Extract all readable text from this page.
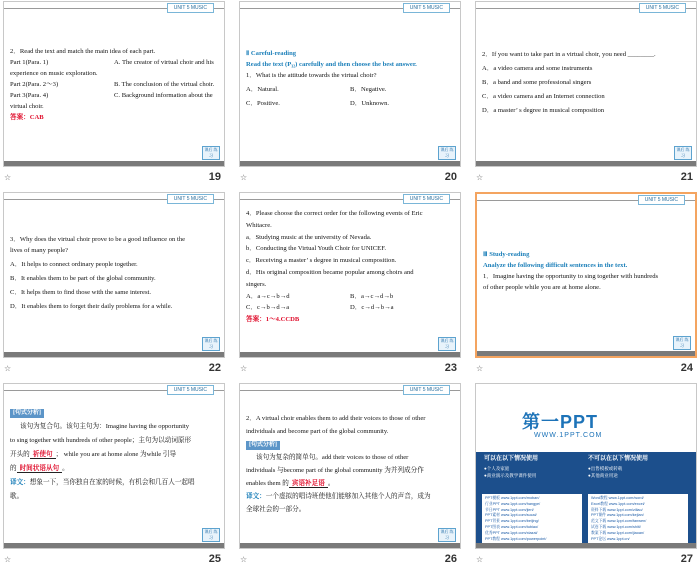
UNIT 5 MUSIC
2．Read the text and match the main idea of each part.
Part 1(Para. 1)	A. The creator of virtual choir and his
experience on music exploration.
Part 2(Para. 2～3)	B. The conclusion of the virtual choir.
Part 3(Para. 4)	C. Background information about the
virtual choir.
答案：CAB
课后 练习
☆	19
UNIT 5 MUSIC
Ⅱ Careful-reading
Read the text (P₃₂) carefully and then choose the best answer.
1．What is the attitude towards the virtual choir?
A．Natural.	B．Negative.
C．Positive.	D．Unknown.
课后 练习
☆	20
UNIT 5 MUSIC
2．If you want to take part in a virtual choir, you need ________.
A．a video camera and some instruments
B．a band and some professional singers
C．a video camera and an Internet connection
D．a master’ s degree in musical composition
课后 练习
☆	21
UNIT 5 MUSIC
3．Why does the virtual choir prove to be a good influence on the
lives of many people?
A．It helps to connect ordinary people together.
B．It enables them to be part of the global community.
C．It helps them to find those with the same interest.
D．It enables them to forget their daily problems for a while.
课后 练习
☆	22
UNIT 5 MUSIC
4．Please choose the correct order for the following events of Eric
Whitacre.
a．Studying music at the university of Nevada.
b．Conducting the Virtual Youth Choir for UNICEF.
c．Receiving a master’ s degree in musical composition.
d．His original composition became popular among choirs and
singers.
A．a→c→b→d	B．a→c→d→b
C．c→b→d→a	D．c→d→b→a
答案：1～4.CCDB
课后 练习
☆	23
UNIT 5 MUSIC
Ⅲ Study-reading
Analyze the following difficult sentences in the text.
1．Imagine having the opportunity to sing together with hundreds
of other people while you are at home alone.
课后 练习
☆	24
UNIT 5 MUSIC
[句式分析]
该句为复合句。该句主句为：Imagine having the opportunity
to sing together with hundreds of other people；主句为以动词原形
开头的 祈使句 ； while you are at home alone 为while 引导
的 时间状语从句 。
译文：想象一下，当你独自在家的时候，有机会和几百人一起唱
歌。
课后 练习
☆	25
UNIT 5 MUSIC
2．A virtual choir enables them to add their voices to those of other
individuals and become part of the global community.
[句式分析]
该句为复杂的简单句。add their voices to those of other
individuals 与become part of the global community 为并列成分作
enables them 的 宾语补足语 。
译文：一个虚拟的唱诗班使他们能够加入其他个人的声音，成为
全球社会的一部分。
课后 练习
☆	26
第一PPT
WWW.1PPT.COM
可以在以下情况使用
●个人及家庭
●商业演示及教学课件使用
不可以在以下情况使用
●出售模板或转载
●其他商业用途
PPT模板 www.1ppt.com/moban/
行业PPT www.1ppt.com/hangye/
节日PPT www.1ppt.com/jieri/
PPT素材 www.1ppt.com/sucai/
PPT背景 www.1ppt.com/beijing/
PPT图表 www.1ppt.com/tubiao/
优秀PPT www.1ppt.com/xiazai/
PPT教程 www.1ppt.com/powerpoint/
Word教程 www.1ppt.com/word/
Excel教程 www.1ppt.com/excel/
资料下载 www.1ppt.com/ziliao/
PPT课件 www.1ppt.com/kejian/
范文下载 www.1ppt.com/fanwen/
试卷下载 www.1ppt.com/shiti/
教案下载 www.1ppt.com/jiaoan/
PPT论坛 www.1ppt.cn/
☆	27
